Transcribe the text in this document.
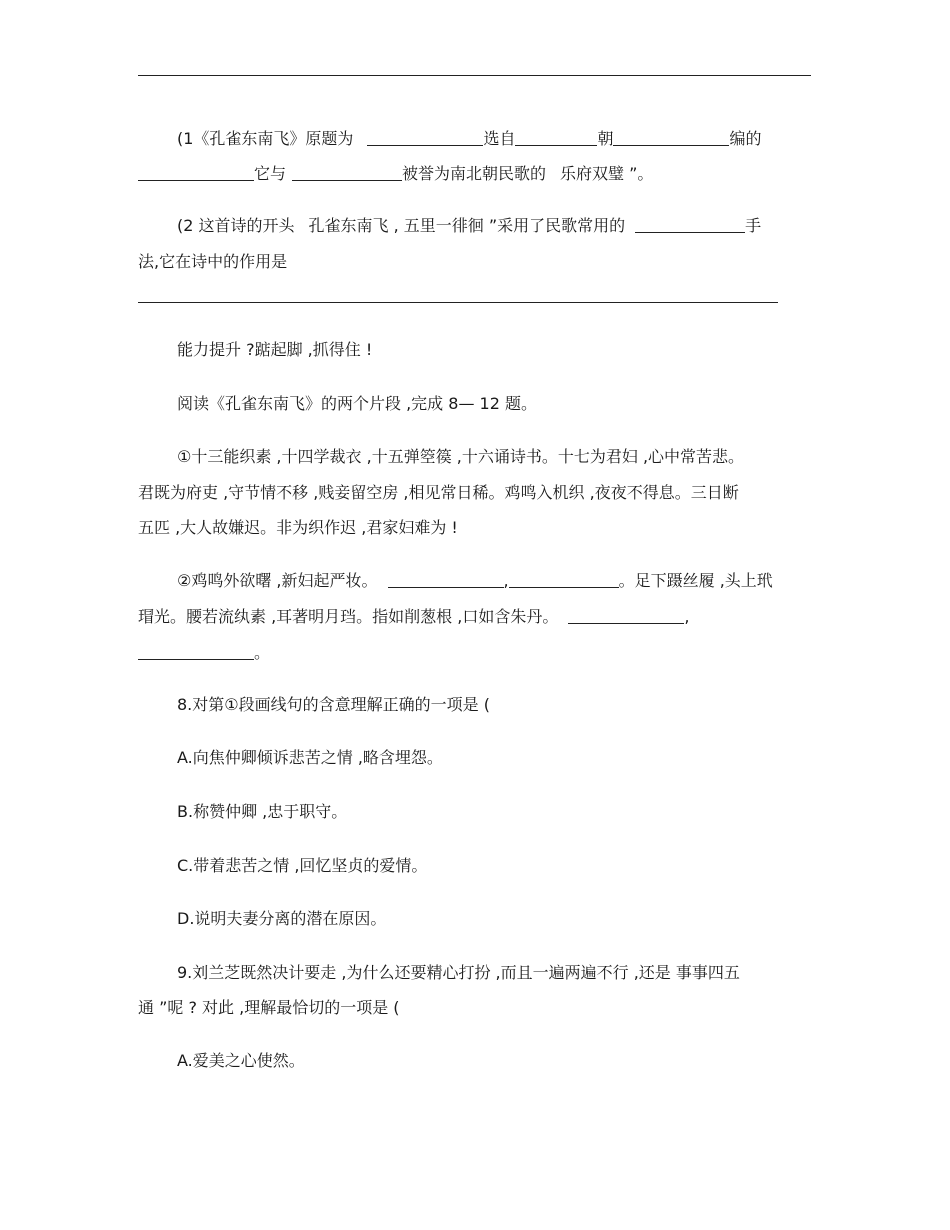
(1《孔雀东南飞》原题为	选自	朝	编的
它与	被誉为南北朝民歌的 乐府双璧 ”。
(2 这首诗的开头 孔雀东南飞 , 五里一徘徊 ”采用了民歌常用的	手
法,它在诗中的作用是
能力提升 ?踮起脚 ,抓得住 !
阅读《孔雀东南飞》的两个片段 ,完成 8— 12 题。
①十三能织素 ,十四学裁衣 ,十五弹箜篌 ,十六诵诗书。十七为君妇 ,心中常苦悲。
君既为府吏 ,守节情不移 ,贱妾留空房 ,相见常日稀。鸡鸣入机织 ,夜夜不得息。三日断
五匹 ,大人故嫌迟。非为织作迟 ,君家妇难为 !
②鸡鸣外欲曙 ,新妇起严妆。	,	。足下蹑丝履 ,头上玳
瑁光。腰若流纨素 ,耳著明月珰。指如削葱根 ,口如含朱丹。	,
。
8.对第①段画线句的含意理解正确的一项是 (
A.向焦仲卿倾诉悲苦之情 ,略含埋怨。
B.称赞仲卿 ,忠于职守。
C.带着悲苦之情 ,回忆坚贞的爱情。
D.说明夫妻分离的潜在原因。
9.刘兰芝既然决计要走 ,为什么还要精心打扮 ,而且一遍两遍不行 ,还是 事事四五
通 ”呢 ? 对此 ,理解最恰切的一项是 (
A.爱美之心使然。
